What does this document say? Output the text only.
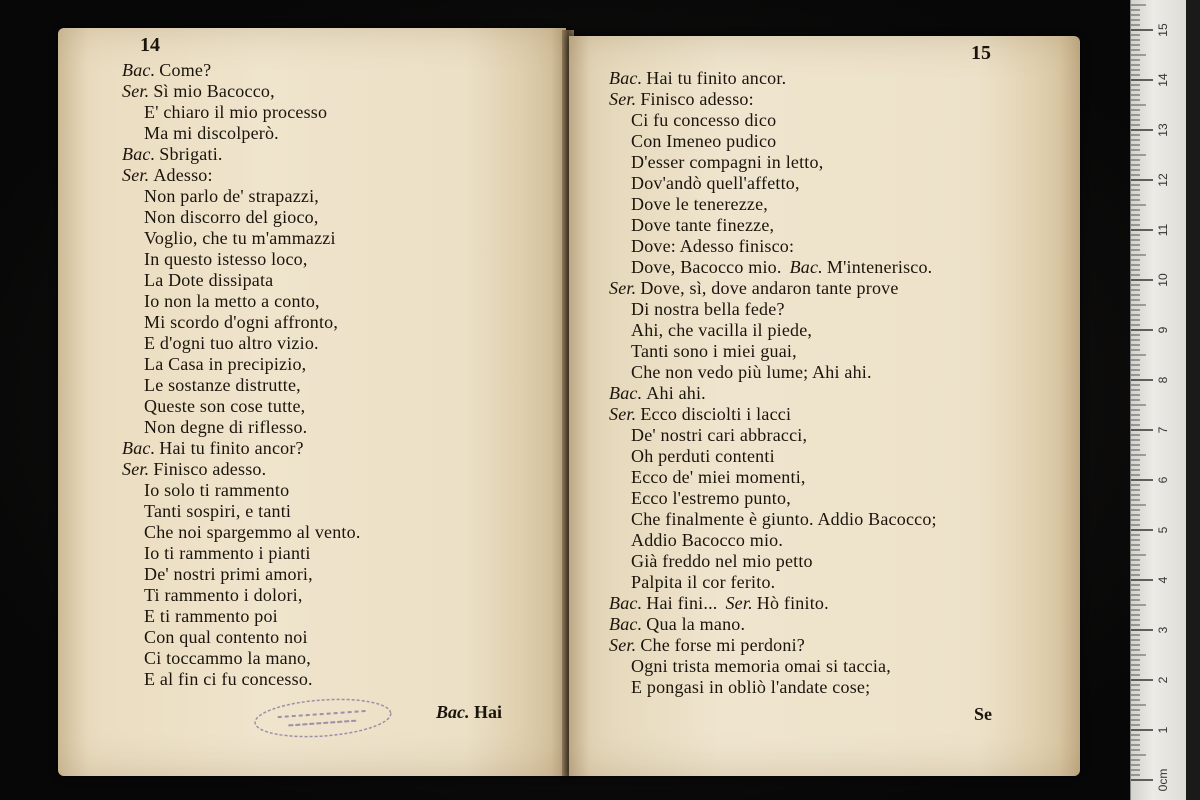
14
Bac. Come?
Ser. Sì mio Bacocco,
E' chiaro il mio processo
Ma mi discolperò.
Bac. Sbrigati.
Ser. Adesso:
Non parlo de' strapazzi,
Non discorro del gioco,
Voglio, che tu m'ammazzi
In questo istesso loco,
La Dote dissipata
Io non la metto a conto,
Mi scordo d'ogni affronto,
E d'ogni tuo altro vizio.
La Casa in precipizio,
Le sostanze distrutte,
Queste son cose tutte,
Non degne di riflesso.
Bac. Hai tu finito ancor?
Ser. Finisco adesso.
Io solo ti rammento
Tanti sospiri, e tanti
Che noi spargemmo al vento.
Io ti rammento i pianti
De' nostri primi amori,
Ti rammento i dolori,
E ti rammento poi
Con qual contento noi
Ci toccammo la mano,
E al fin ci fu concesso.
Bac. Hai
15
Bac. Hai tu finito ancor.
Ser. Finisco adesso:
Ci fu concesso dico
Con Imeneo pudico
D'esser compagni in letto,
Dov'andò quell'affetto,
Dove le tenerezze,
Dove tante finezze,
Dove: Adesso finisco:
Dove, Bacocco mio. Bac. M'intenerisco.
Ser. Dove, sì, dove andaron tante prove
Di nostra bella fede?
Ahi, che vacilla il piede,
Tanti sono i miei guai,
Che non vedo più lume; Ahi ahi.
Bac. Ahi ahi.
Ser. Ecco disciolti i lacci
De' nostri cari abbracci,
Oh perduti contenti
Ecco de' miei momenti,
Ecco l'estremo punto,
Che finalmente è giunto. Addio Bacocco;
Addio Bacocco mio.
Già freddo nel mio petto
Palpita il cor ferito.
Bac. Hai fini... Ser. Hò finito.
Bac. Qua la mano.
Ser. Che forse mi perdoni?
Ogni trista memoria omai si taccia,
E pongasi in obliò l'andate cose;
Se
0cm
1
2
3
4
5
6
7
8
9
10
11
12
13
14
15
